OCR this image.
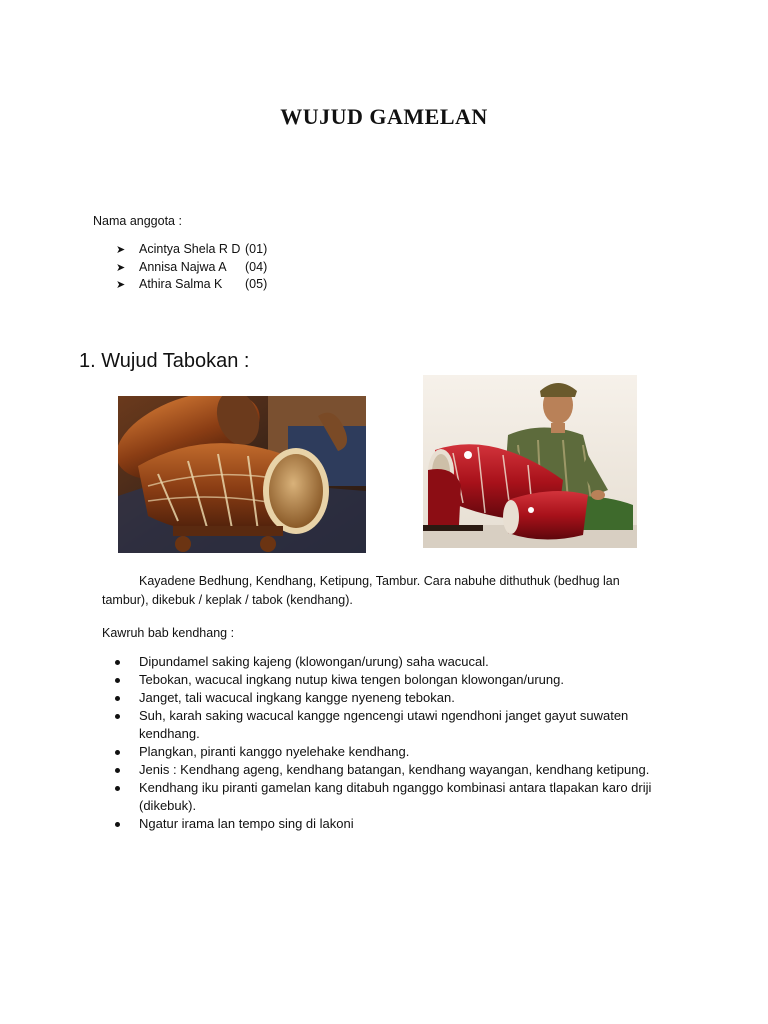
WUJUD GAMELAN
Nama anggota :
➤ Acintya Shela R D (01)
➤ Annisa Najwa A (04)
➤ Athira Salma K (05)
1. Wujud Tabokan :
Kayadene Bedhung, Kendhang, Ketipung, Tambur. Cara nabuhe dithuthuk (bedhug lan tambur), dikebuk / keplak / tabok (kendhang).
Kawruh bab kendhang :
Dipundamel saking kajeng (klowongan/urung) saha wacucal.
Tebokan, wacucal ingkang nutup kiwa tengen bolongan klowongan/urung.
Janget, tali wacucal ingkang kangge nyeneng tebokan.
Suh, karah saking wacucal kangge ngencengi utawi ngendhoni janget gayut suwaten kendhang.
Plangkan, piranti kanggo nyelehake kendhang.
Jenis : Kendhang ageng, kendhang batangan, kendhang wayangan, kendhang ketipung.
Kendhang iku piranti gamelan kang ditabuh nganggo kombinasi antara tlapakan karo driji (dikebuk).
Ngatur irama lan tempo sing di lakoni
